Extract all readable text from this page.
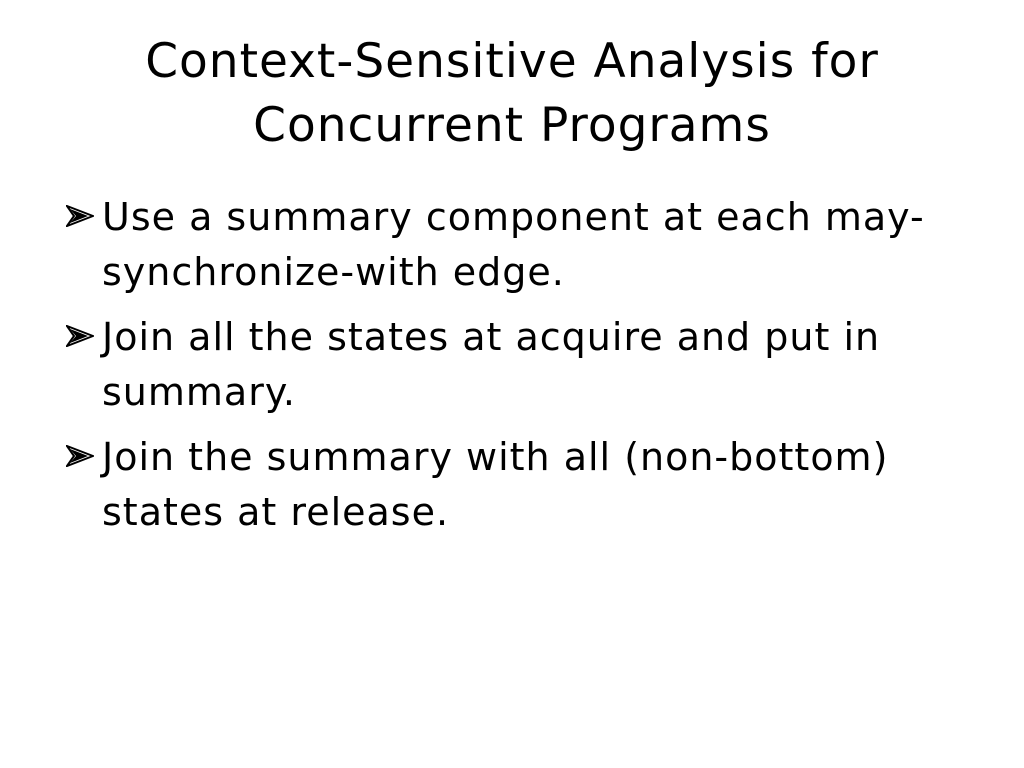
Context-Sensitive Analysis for Concurrent Programs
Use a summary component at each may-synchronize-with edge.
Join all the states at acquire and put in summary.
Join the summary with all (non-bottom) states at release.
